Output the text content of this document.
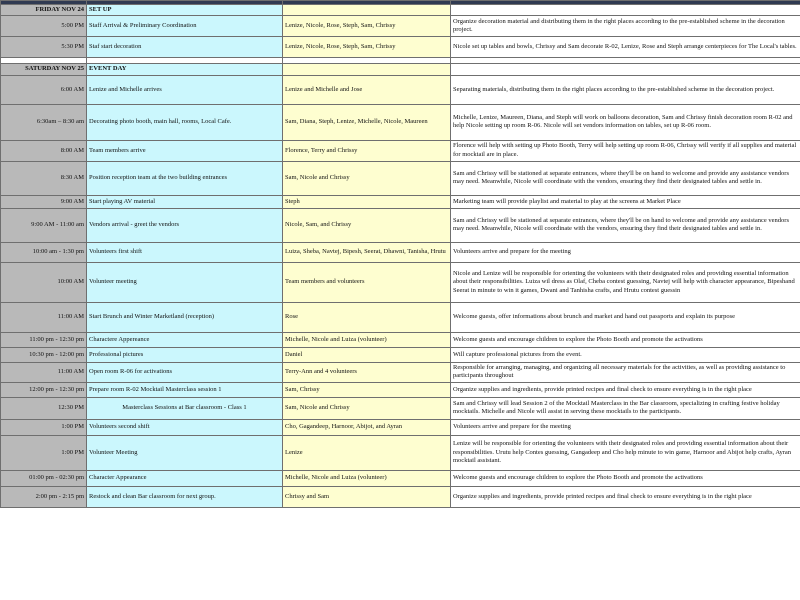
FRIDAY NOV 24	SET UP		
5:00 PM	Staff Arrival & Preliminary Coordination	Lenize, Nicole, Rose, Steph, Sam, Chrissy	Organize decoration material and distributing them in the right places according to the pre-established scheme in the decoration project.
5:30 PM	Staf start decoration	Lenize, Nicole, Rose, Steph, Sam, Chrissy	Nicole set up tables and bowls, Chrissy and Sam decorate R-02, Lenize, Rose and Steph arrange centerpieces for The Local's tables.

SATURDAY NOV 25	EVENT DAY		
6:00 AM	Lenize and Michelle arrives	Lenize and Michelle and Jose	Separating materials, distributing them in the right places according to the pre-established scheme in the decoration project.
6:30am – 8:30 am	Decorating photo booth, main hall, rooms, Local Cafe.	Sam, Diana, Steph, Lenize, Michelle, Nicole, Maureen	Michelle, Lenize, Maureen, Diana, and Steph will work on balloons decoration, Sam and Chrissy finish decoration room R-02 and help Nicole setting up room R-06. Nicole will set vendors information on tables, set up R-06 room.
8:00 AM	Team members arrive	Florence, Terry and Chrissy	Florence will help with setting up Photo Booth, Terry will help setting up room R-06, Chrissy will verify if all supplies and material for mocktail are in place.
8:30 AM	Position reception team at the two building entrances	Sam, Nicole and Chrissy	Sam and Chrissy will be stationed at separate entrances, where they'll be on hand to welcome and provide any assistance vendors may need. Meanwhile, Nicole will coordinate with the vendors, ensuring they find their designated tables and settle in.
9:00 AM	Start playing AV material	Steph	Marketing team will provide playlist and material to play at the screens at Market Place
9:00 AM - 11:00 am	Vendors arrival - greet the vendors	Nicole, Sam, and Chrissy	Sam and Chrissy will be stationed at separate entrances, where they'll be on hand to welcome and provide any assistance vendors may need. Meanwhile, Nicole will coordinate with the vendors, ensuring they find their designated tables and settle in.
10:00 am - 1:30 pm	Volunteers first shift	Luiza, Sheba, Navtej, Bipesh, Seerat, Dhawni, Tanisha, Hrutu	Volunteers arrive and prepare for the meeting
10:00 AM	Volunteer meeting	Team members and volunteers	Nicole and Lenize will be responsible for orienting the volunteers with their designated roles and providing essential information about their responsibilities. Luiza wil dress as Olaf, Cheba contest guessing, Navtej will help with character appearance, Bipeshand Seerat in minute to win it games, Dwani and Tanhisha crafts, and Hrutu contest guessin
11:00 AM	Start Brunch and Winter Marketland (reception)	Rose	Welcome guests, offer informations about brunch and market and hand out passports and explain its purpose
11:00 pm - 12:30 pm	Charactere Appereance	Michelle, Nicole and Luiza (volunteer)	Welcome guests and encourage children to explore the Photo Booth and promote the activations
10:30 pm - 12:00 pm	Professional pictures	Daniel	Will capture professional pictures from the event.
11:00 AM	Open room R-06 for activations	Terry-Ann and 4 volunteers	Responsible for arranging, managing, and organizing all necessary materials for the activities, as well as providing assistance to participants throughout
12:00 pm - 12:30 pm	Prepare room R-02 Mocktail Masterclass session 1	Sam, Chrissy	Organize supplies and ingredients, provide printed recipes and final check to ensure everything is in the right place
12:30 PM	Masterclass Sessions at Bar classroom - Class 1	Sam, Nicole and Chrissy	Sam and Chrissy will lead Session 2 of the Mocktail Masterclass in the Bar classroom, specializing in crafting festive holiday mocktails. Michelle and Nicole will assist in serving these mocktails to the participants.
1:00 PM	Volunteers second shift	Cho, Gagandeep, Harnoor, Abijot, and Ayran	Volunteers arrive and prepare for the meeting
1:00 PM	Volunteer Meeting	Lenize	Lenize will be responsible for orienting the volunteers with their designated roles and providing essential information about their responsibilities. Urutu help Contes guessing, Gangadeep and Cho help minute to win game, Harnoor and Abijot help crafts, Ayran mocktail assistant.
01:00 pm - 02:30 pm	Character Appearance	Michelle, Nicole and Luiza (volunteer)	Welcome guests and encourage children to explore the Photo Booth and promote the activations
2:00 pm - 2:15 pm	Restock and clean Bar classroom for next group.	Chrissy and Sam	Organize supplies and ingredients, provide printed recipes and final check to ensure everything is in the right place
